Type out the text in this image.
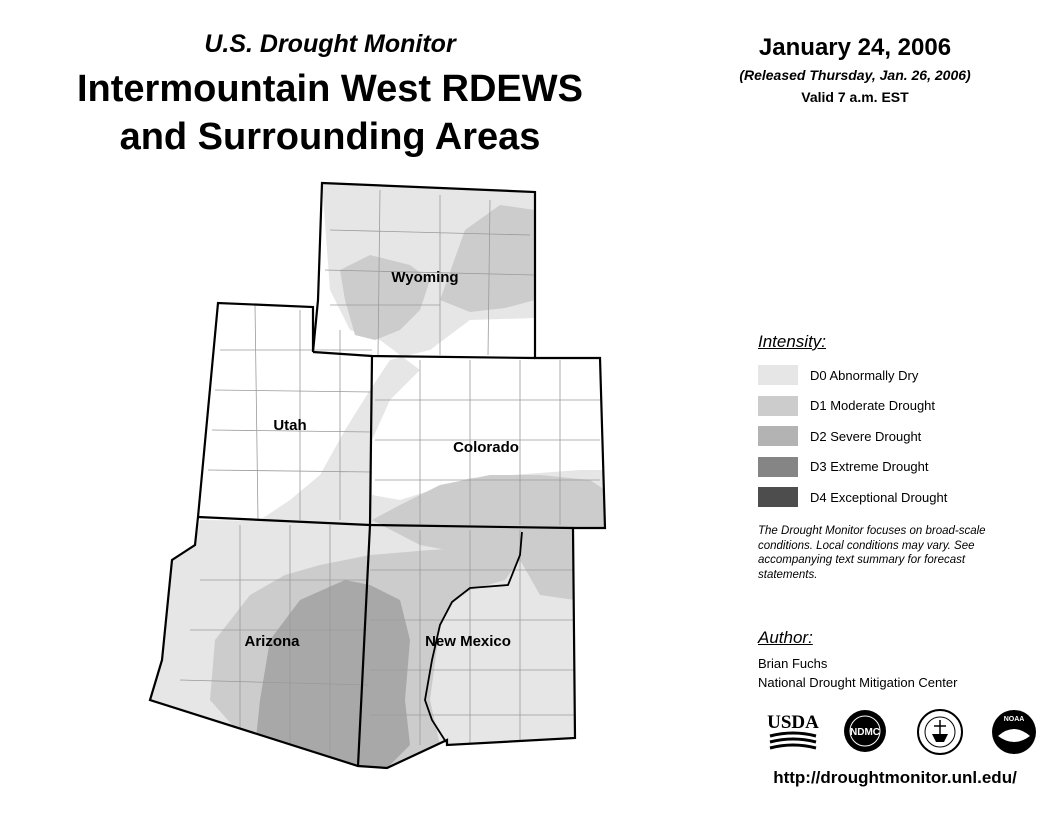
U.S. Drought Monitor
Intermountain West RDEWS
and Surrounding Areas
January 24, 2006
(Released Thursday, Jan. 26, 2006)
Valid 7 a.m. EST
Wyoming
Utah
Colorado
Arizona	New Mexico
Intensity:
D0 Abnormally Dry
D1 Moderate Drought
D2 Severe Drought
D3 Extreme Drought
D4 Exceptional Drought
The Drought Monitor focuses on broad-scale conditions. Local conditions may vary. See accompanying text summary for forecast statements.
Author:
Brian Fuchs
National Drought Mitigation Center
USDA	NDMC
NOAA
http://droughtmonitor.unl.edu/
